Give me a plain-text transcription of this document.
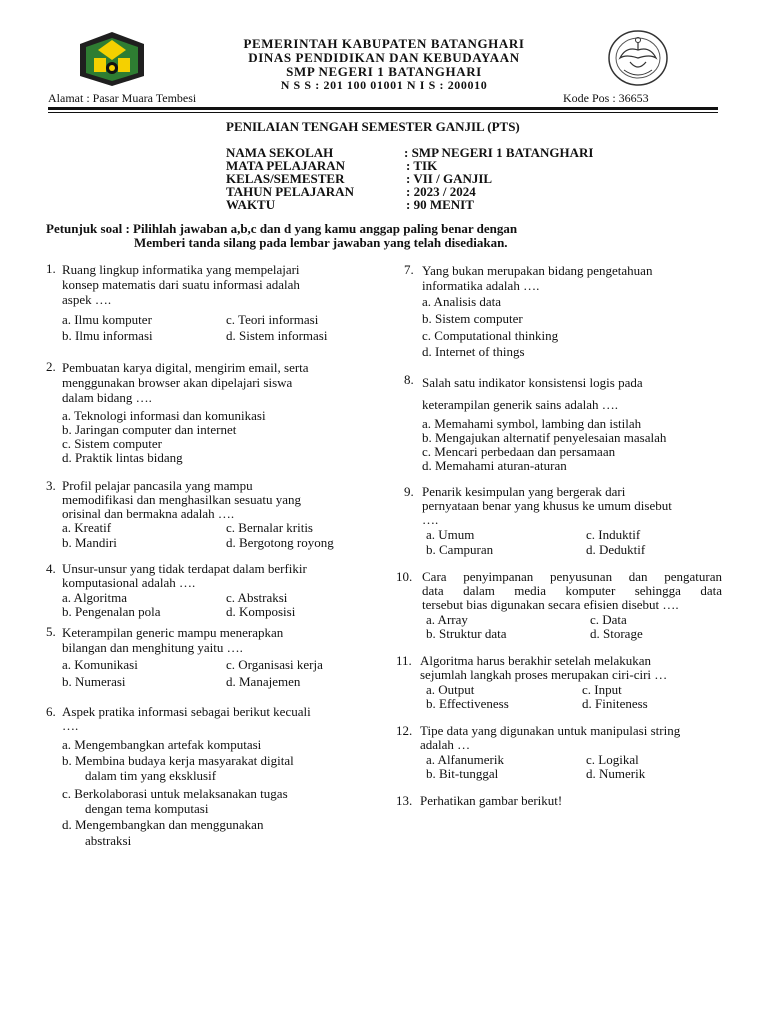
PEMERINTAH KABUPATEN BATANGHARI
DINAS PENDIDIKAN DAN KEBUDAYAAN
SMP NEGERI 1 BATANGHARI
N S S : 201 100 01001 N I S : 200010
Alamat : Pasar Muara Tembesi	Kode Pos : 36653
PENILAIAN TENGAH SEMESTER GANJIL (PTS)
NAMA SEKOLAH	: SMP NEGERI 1 BATANGHARI
MATA PELAJARAN	: TIK
KELAS/SEMESTER	: VII / GANJIL
TAHUN PELAJARAN	: 2023 / 2024
WAKTU	: 90 MENIT
Petunjuk soal : Pilihlah jawaban a,b,c dan d yang kamu anggap paling benar dengan
Memberi tanda silang pada lembar jawaban yang telah disediakan.
1. Ruang lingkup informatika yang mempelajari
konsep matematis dari suatu informasi adalah
aspek ….
a. Ilmu komputer	c. Teori informasi
b. Ilmu informasi	d. Sistem informasi
2. Pembuatan karya digital, mengirim email, serta
menggunakan browser akan dipelajari siswa
dalam bidang ….
a. Teknologi informasi dan komunikasi
b. Jaringan computer dan internet
c. Sistem computer
d. Praktik lintas bidang
3. Profil pelajar pancasila yang mampu
memodifikasi dan menghasilkan sesuatu yang
orisinal dan bermakna adalah ….
a. Kreatif	c. Bernalar kritis
b. Mandiri	d. Bergotong royong
4. Unsur-unsur yang tidak terdapat dalam berfikir
komputasional adalah ….
a. Algoritma	c. Abstraksi
b. Pengenalan pola	d. Komposisi
5. Keterampilan generic mampu menerapkan
bilangan dan menghitung yaitu ….
a. Komunikasi	c. Organisasi kerja
b. Numerasi	d. Manajemen
6. Aspek pratika informasi sebagai berikut kecuali
….
a. Mengembangkan artefak komputasi
b. Membina budaya kerja masyarakat digital
dalam tim yang eksklusif
c. Berkolaborasi untuk melaksanakan tugas
dengan tema komputasi
d. Mengembangkan dan menggunakan
abstraksi
7. Yang bukan merupakan bidang pengetahuan
informatika adalah ….
a. Analisis data
b. Sistem computer
c. Computational thinking
d. Internet of things
8. Salah satu indikator konsistensi logis pada
keterampilan generik sains adalah ….
a. Memahami symbol, lambing dan istilah
b. Mengajukan alternatif penyelesaian masalah
c. Mencari perbedaan dan persamaan
d. Memahami aturan-aturan
9. Penarik kesimpulan yang bergerak dari
pernyataan benar yang khusus ke umum disebut
….
a. Umum	c. Induktif
b. Campuran	d. Deduktif
10. Cara penyimpanan penyusunan dan pengaturan
data dalam media komputer sehingga data
tersebut bias digunakan secara efisien disebut ….
a. Array	c. Data
b. Struktur data	d. Storage
11. Algoritma harus berakhir setelah melakukan
sejumlah langkah proses merupakan ciri-ciri …
a. Output	c. Input
b. Effectiveness	d. Finiteness
12. Tipe data yang digunakan untuk manipulasi string
adalah …
a. Alfanumerik	c. Logikal
b. Bit-tunggal	d. Numerik
13. Perhatikan gambar berikut!
